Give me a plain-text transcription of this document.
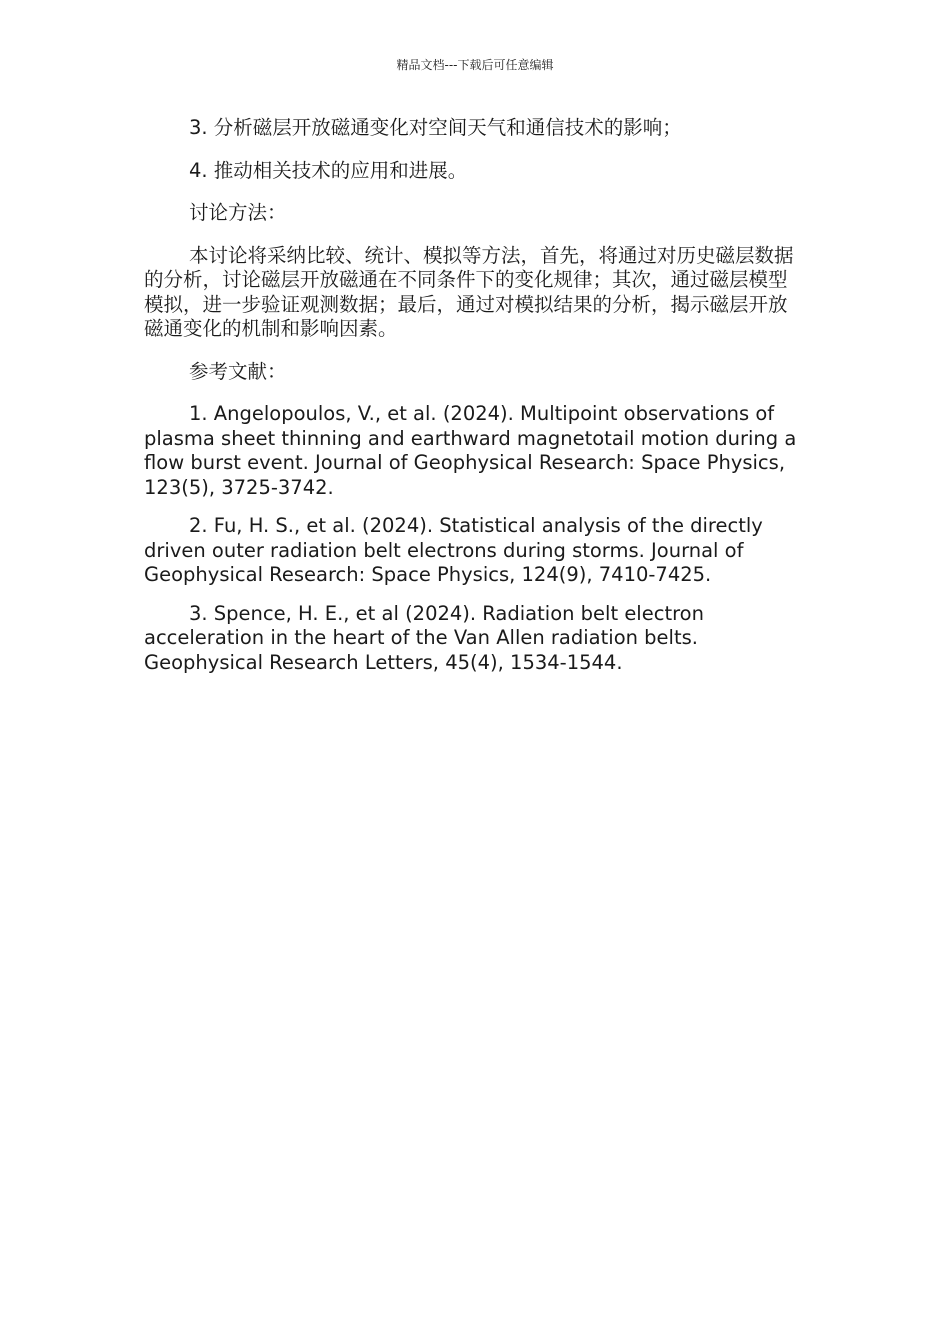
精品文档---下载后可任意编辑

3. 分析磁层开放磁通变化对空间天气和通信技术的影响；

4. 推动相关技术的应用和进展。

讨论方法：

本讨论将采纳比较、统计、模拟等方法，首先，将通过对历史磁层数据的分析，讨论磁层开放磁通在不同条件下的变化规律；其次，通过磁层模型模拟，进一步验证观测数据；最后，通过对模拟结果的分析，揭示磁层开放磁通变化的机制和影响因素。

参考文献：

1. Angelopoulos, V., et al. (2024). Multipoint observations of plasma sheet thinning and earthward magnetotail motion during a flow burst event. Journal of Geophysical Research: Space Physics, 123(5), 3725-3742.

2. Fu, H. S., et al. (2024). Statistical analysis of the directly driven outer radiation belt electrons during storms. Journal of Geophysical Research: Space Physics, 124(9), 7410-7425.

3. Spence, H. E., et al (2024). Radiation belt electron acceleration in the heart of the Van Allen radiation belts. Geophysical Research Letters, 45(4), 1534-1544.
